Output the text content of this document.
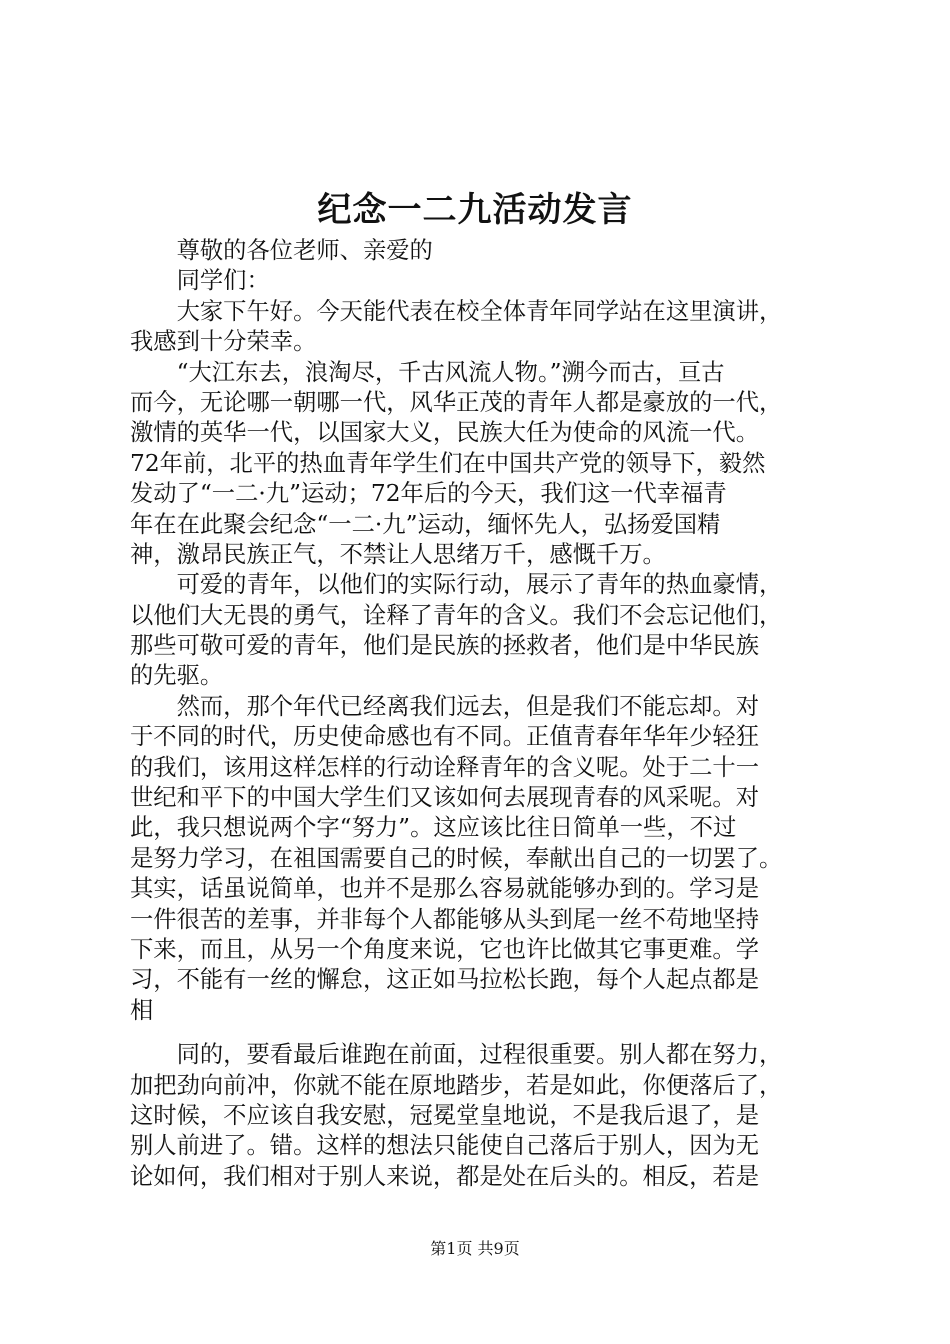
纪念一二九活动发言
　　尊敬的各位老师、亲爱的
　　同学们：
　　大家下午好。今天能代表在校全体青年同学站在这里演讲，
我感到十分荣幸。
　　“大江东去，浪淘尽，千古风流人物。”溯今而古，亘古
而今，无论哪一朝哪一代，风华正茂的青年人都是豪放的一代，
激情的英华一代，以国家大义，民族大任为使命的风流一代。
72年前，北平的热血青年学生们在中国共产党的领导下，毅然
发动了“一二·九”运动；72年后的今天，我们这一代幸福青
年在在此聚会纪念“一二·九”运动，缅怀先人，弘扬爱国精
神，激昂民族正气，不禁让人思绪万千，感慨千万。
　　可爱的青年，以他们的实际行动，展示了青年的热血豪情，
以他们大无畏的勇气，诠释了青年的含义。我们不会忘记他们，
那些可敬可爱的青年，他们是民族的拯救者，他们是中华民族
的先驱。
　　然而，那个年代已经离我们远去，但是我们不能忘却。对
于不同的时代，历史使命感也有不同。正值青春年华年少轻狂
的我们，该用这样怎样的行动诠释青年的含义呢。处于二十一
世纪和平下的中国大学生们又该如何去展现青春的风采呢。对
此，我只想说两个字“努力”。这应该比往日简单一些，不过
是努力学习，在祖国需要自己的时候，奉献出自己的一切罢了。
其实，话虽说简单，也并不是那么容易就能够办到的。学习是
一件很苦的差事，并非每个人都能够从头到尾一丝不苟地坚持
下来，而且，从另一个角度来说，它也许比做其它事更难。学
习，不能有一丝的懈怠，这正如马拉松长跑，每个人起点都是
相
　　同的，要看最后谁跑在前面，过程很重要。别人都在努力，
加把劲向前冲，你就不能在原地踏步，若是如此，你便落后了，
这时候，不应该自我安慰，冠冕堂皇地说，不是我后退了，是
别人前进了。错。这样的想法只能使自己落后于别人，因为无
论如何，我们相对于别人来说，都是处在后头的。相反，若是
第1页 共9页
